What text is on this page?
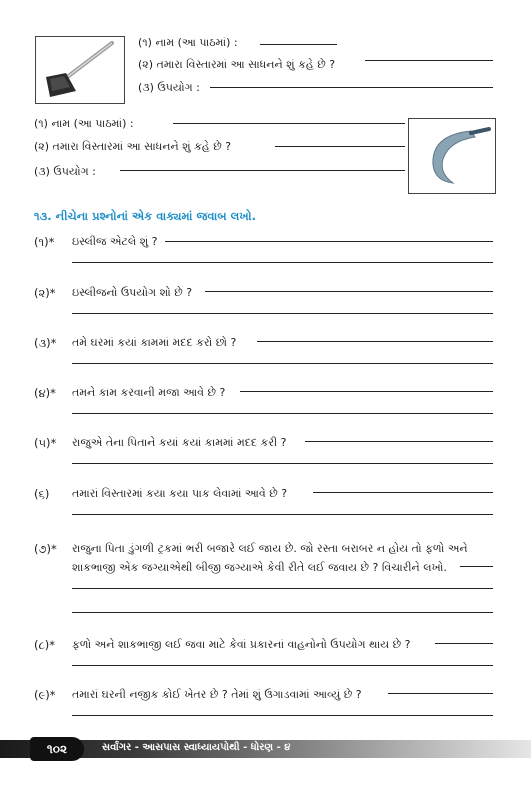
(૧) નામ (આ પાઠમાં) :
(૨) તમારા વિસ્તારમાં આ સાધનને શું કહે છે ?
(૩) ઉપયોગ :
(૧) નામ (આ પાઠમાં) :
(૨) તમારા વિસ્તારમાં આ સાધનને શું કહે છે ?
(૩) ઉપયોગ :
૧૩. નીચેના પ્રશ્નોનાં એક વાક્યમાં જવાબ લખો.
(૧)* ઇસ્લીજ એટલે શું ?
(૨)* ઇસ્લીજનો ઉપયોગ શો છે ?
(૩)* તમે ઘરમાં કયાં કામમાં મદદ કરો છો ?
(૪)* તમને કામ કરવાની મજા આવે છે ?
(૫)* રાજુએ તેના પિતાને કયાં કયાં કામમાં મદદ કરી ?
(૬) તમારાં વિસ્તારમાં કયા કયા પાક લેવામાં આવે છે ?
(૭)* રાજુના પિતા ડુંગળી ટ્રકમાં ભરી બજારે લઈ જાય છે. જો રસ્તા બરાબર ન હોય તો ફળો અને
શાકભાજી એક જગ્યાએથી બીજી જગ્યાએ કેવી રીતે લઈ જવાય છે ? વિચારીને લખો.
(૮)* ફળો અને શાકભાજી લઈ જવા માટે કેવાં પ્રકારનાં વાહનોનો ઉપયોગ થાય છે ?
(૯)* તમારાં ઘરની નજીક કોઈ ખેતર છે ? તેમાં શું ઉગાડવામાં આવ્યું છે ?
૧૦૨	સર્વાંગર - આસપાસ સ્વાધ્યાયપોથી - ધોરણ - ૪
